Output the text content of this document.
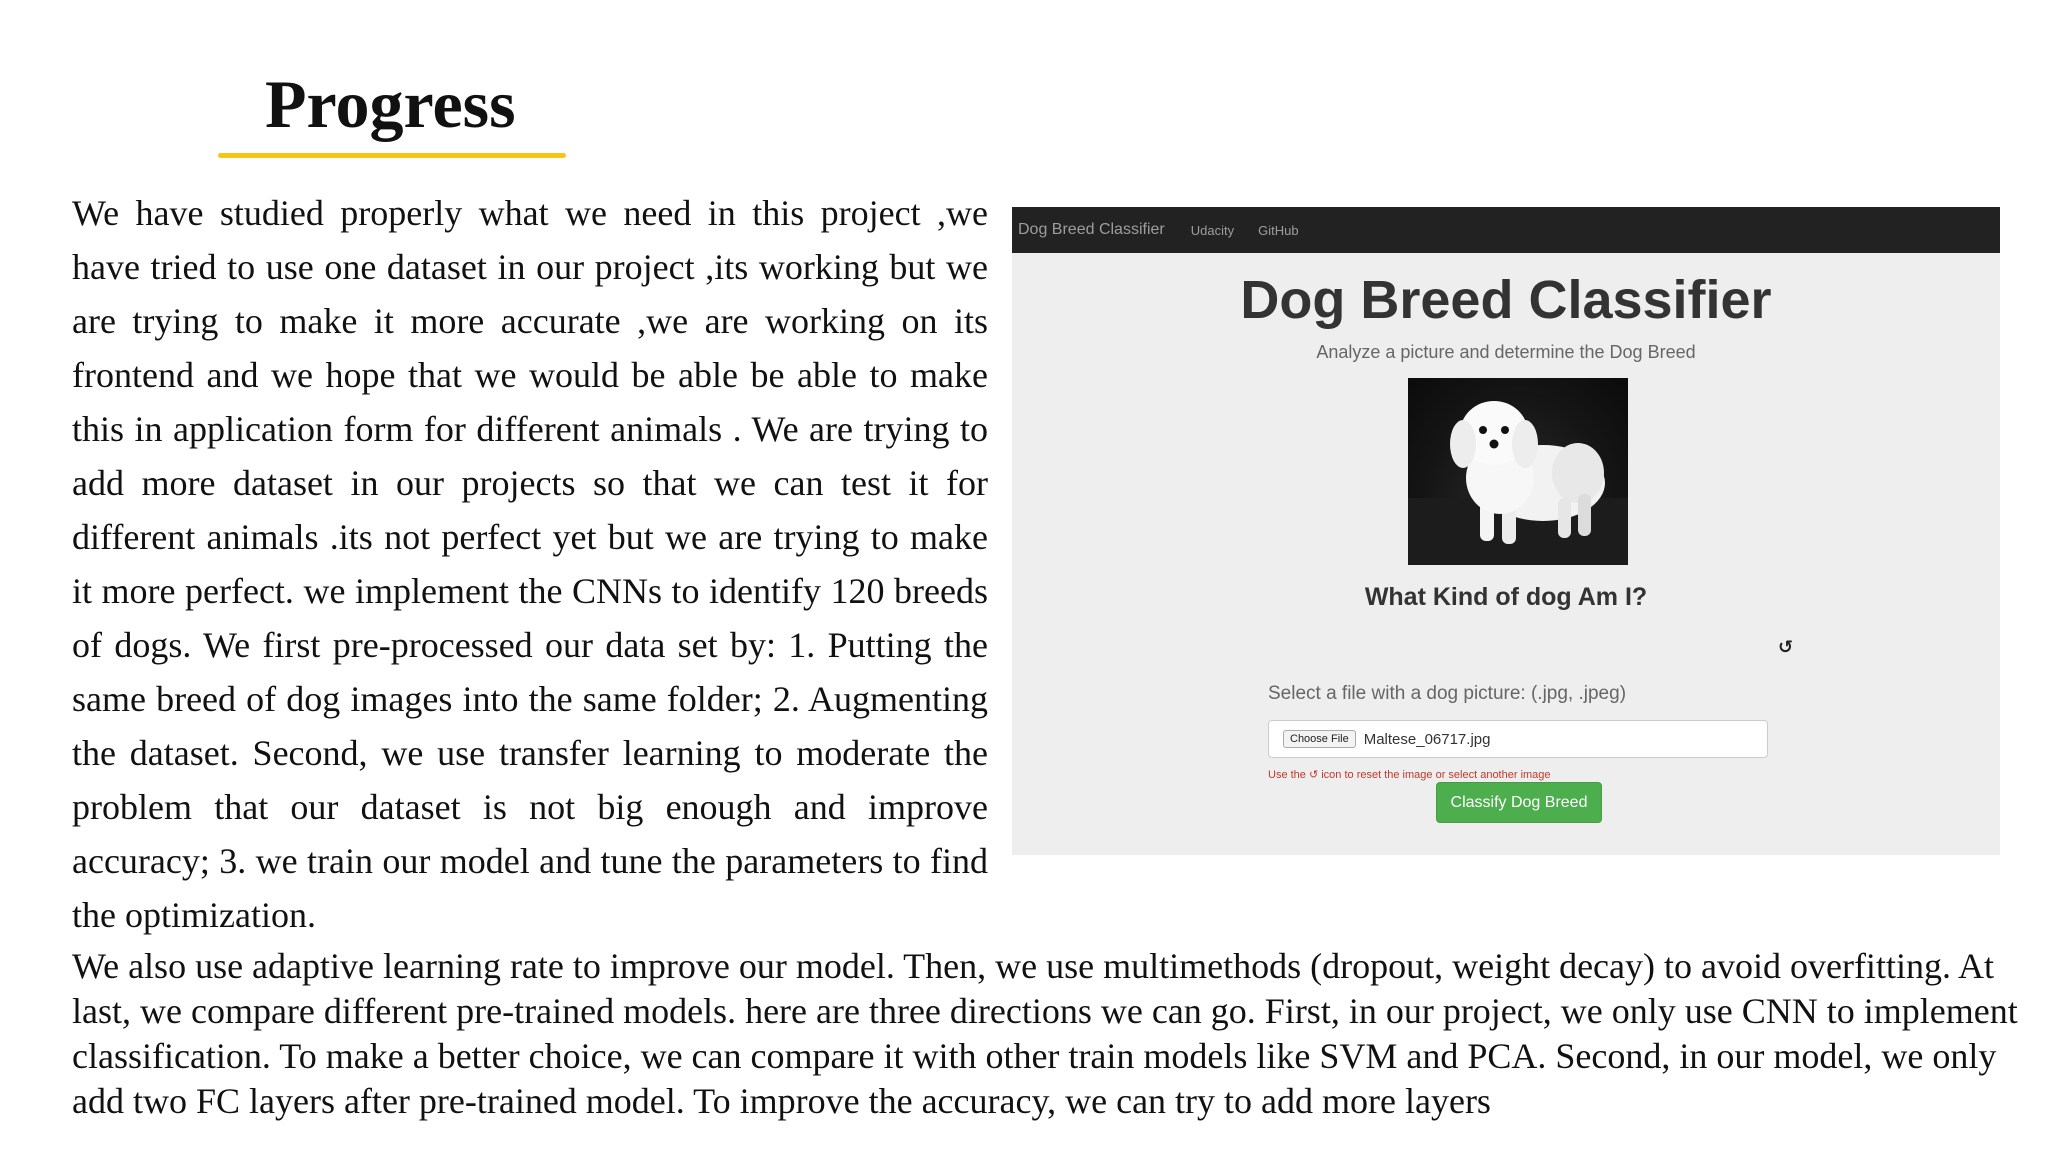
Progress

We have studied properly what we need in this project ,we have tried to use one dataset in our project ,its working but we are trying to make it more accurate ,we are working on its frontend and we hope that we would be able be able to make this in application form for different animals . We are trying to add more dataset in our projects so that we can test it for different animals .its not perfect yet but we are trying to make it more perfect. we implement the CNNs to identify 120 breeds of dogs. We first pre-processed our data set by: 1. Putting the same breed of dog images into the same folder; 2. Augmenting the dataset. Second, we use transfer learning to moderate the problem that our dataset is not big enough and improve accuracy; 3. we train our model and tune the parameters to find the optimization.

Dog Breed Classifier Udacity GitHub
Dog Breed Classifier
Analyze a picture and determine the Dog Breed
What Kind of dog Am I?
↺
Select a file with a dog picture: (.jpg, .jpeg)
Choose File	Maltese_06717.jpg
Use the ↺ icon to reset the image or select another image
Classify Dog Breed

We also use adaptive learning rate to improve our model. Then, we use multimethods (dropout, weight decay) to avoid overfitting. At last, we compare different pre-trained models. here are three directions we can go. First, in our project, we only use CNN to implement classification. To make a better choice, we can compare it with other train models like SVM and PCA. Second, in our model, we only add two FC layers after pre-trained model. To improve the accuracy, we can try to add more layers
